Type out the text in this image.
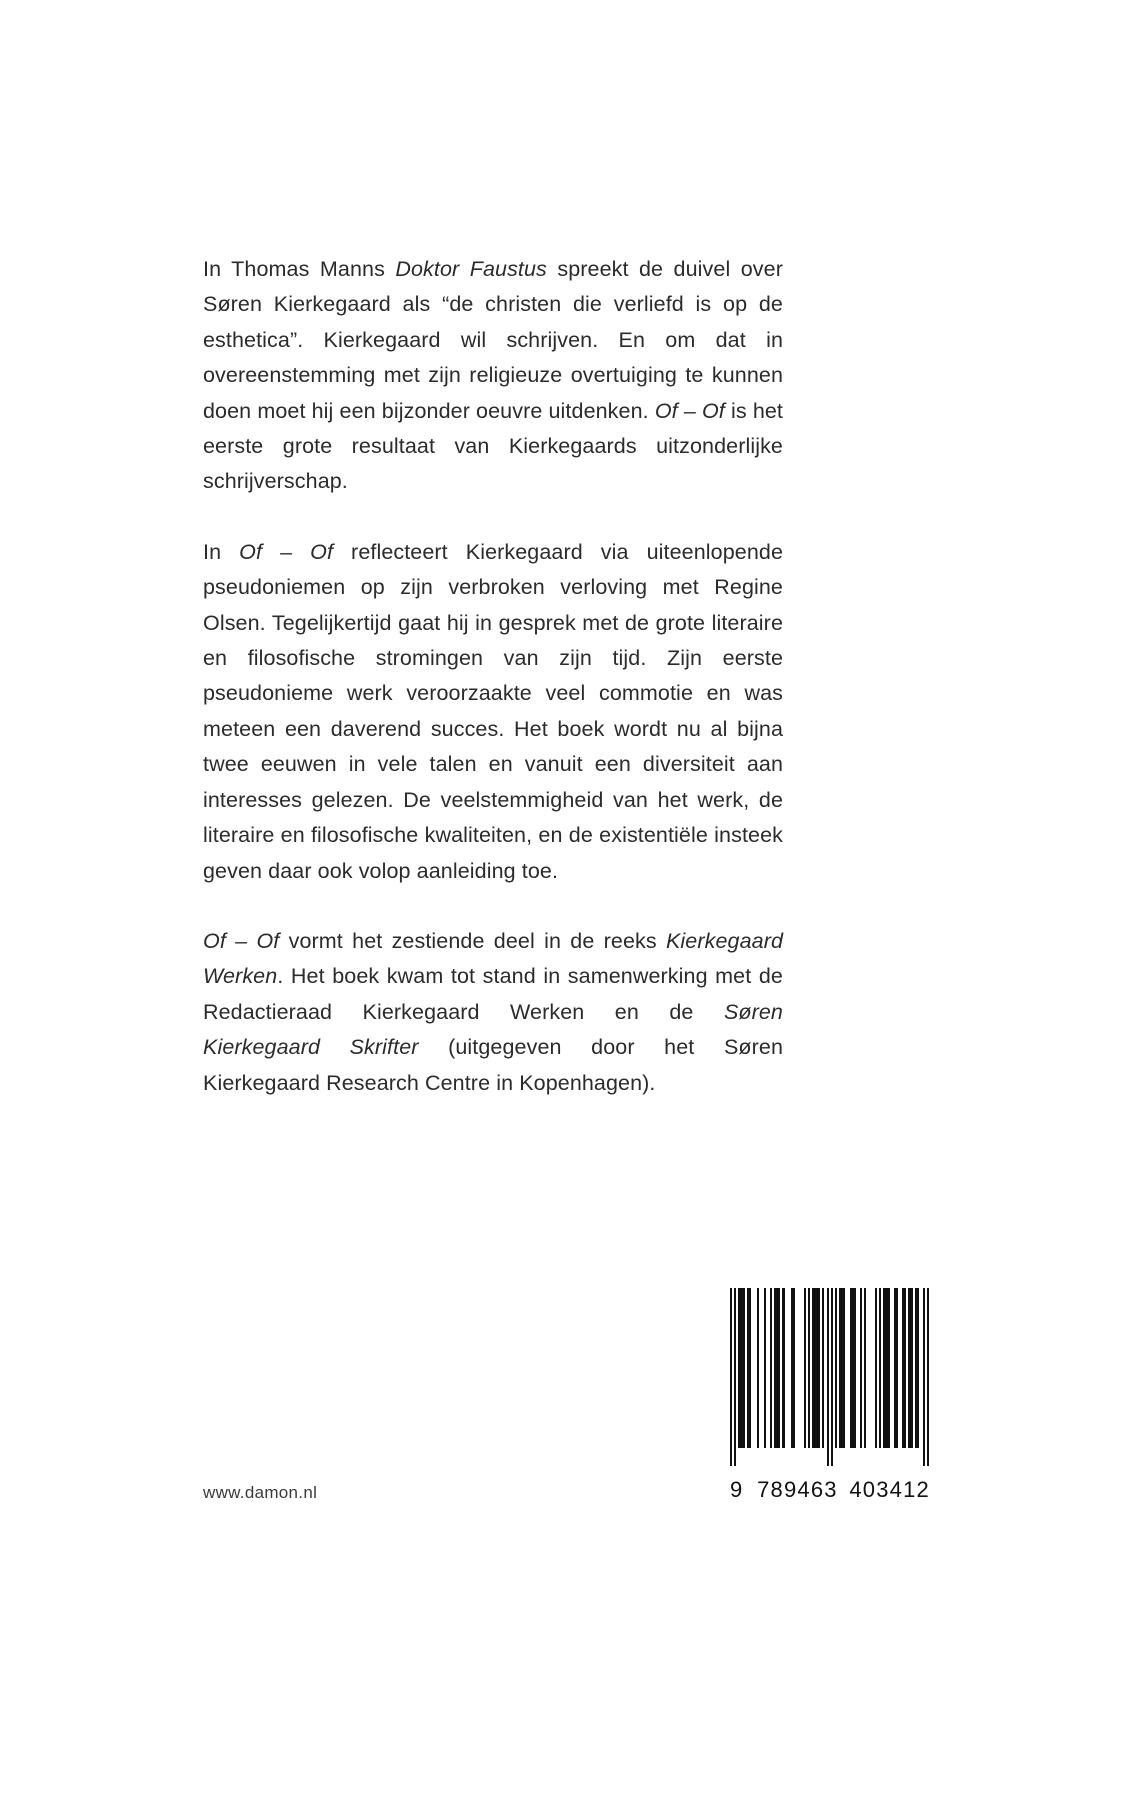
In Thomas Manns Doktor Faustus spreekt de duivel over Søren Kierkegaard als “de christen die verliefd is op de esthetica”. Kierkegaard wil schrijven. En om dat in overeenstemming met zijn religieuze overtuiging te kunnen doen moet hij een bijzonder oeuvre uitdenken. Of – Of is het eerste grote resultaat van Kierkegaards uitzonderlijke schrijverschap.

In Of – Of reflecteert Kierkegaard via uiteenlopende pseudoniemen op zijn verbroken verloving met Regine Olsen. Tegelijkertijd gaat hij in gesprek met de grote literaire en filosoﬁsche stromingen van zijn tijd. Zijn eerste pseudonieme werk veroorzaakte veel commotie en was meteen een daverend succes. Het boek wordt nu al bijna twee eeuwen in vele talen en vanuit een diversiteit aan interesses gelezen. De veelstemmigheid van het werk, de literaire en ﬁlosoﬁsche kwaliteiten, en de existentiële insteek geven daar ook volop aanleiding toe.

Of – Of vormt het zestiende deel in de reeks Kierkegaard Werken. Het boek kwam tot stand in samenwerking met de Redactieraad Kierkegaard Werken en de Søren Kierkegaard Skrifter (uitgegeven door het Søren Kierkegaard Research Centre in Kopenhagen).

www.damon.nl	9 789463 403412
